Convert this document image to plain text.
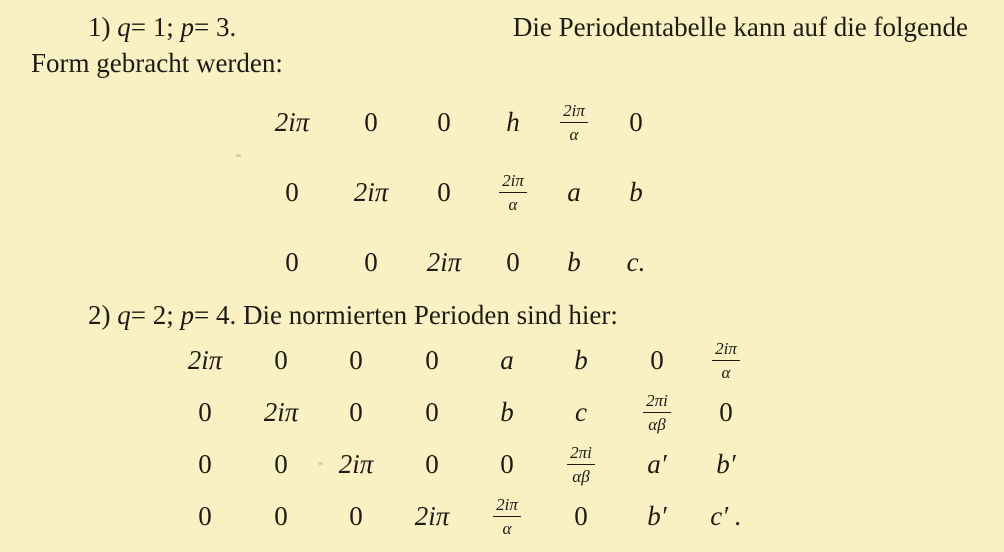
1) q= 1; p= 3.	Die Periodentabelle kann auf die folgende
Form gebracht werden:
2iπ	0	0	h	$\frac{2i\pi}{\alpha}$	0
0	2iπ	0	$\frac{2i\pi}{\alpha}$	a	b
0	0	2iπ	0	b	c.
2) q= 2; p= 4. Die normierten Perioden sind hier:
2iπ	0	0	0	a	b	0	$\frac{2i\pi}{\alpha}$

0	2iπ	0	0	b	c	$\frac{2\pi i}{\alpha\beta}$	0
0	0	2iπ	0	0	$\frac{2\pi i}{\alpha\beta}$	a′	b′
0	0	0	2iπ	$\frac{2i\pi}{\alpha}$	0	b′	c′ .
